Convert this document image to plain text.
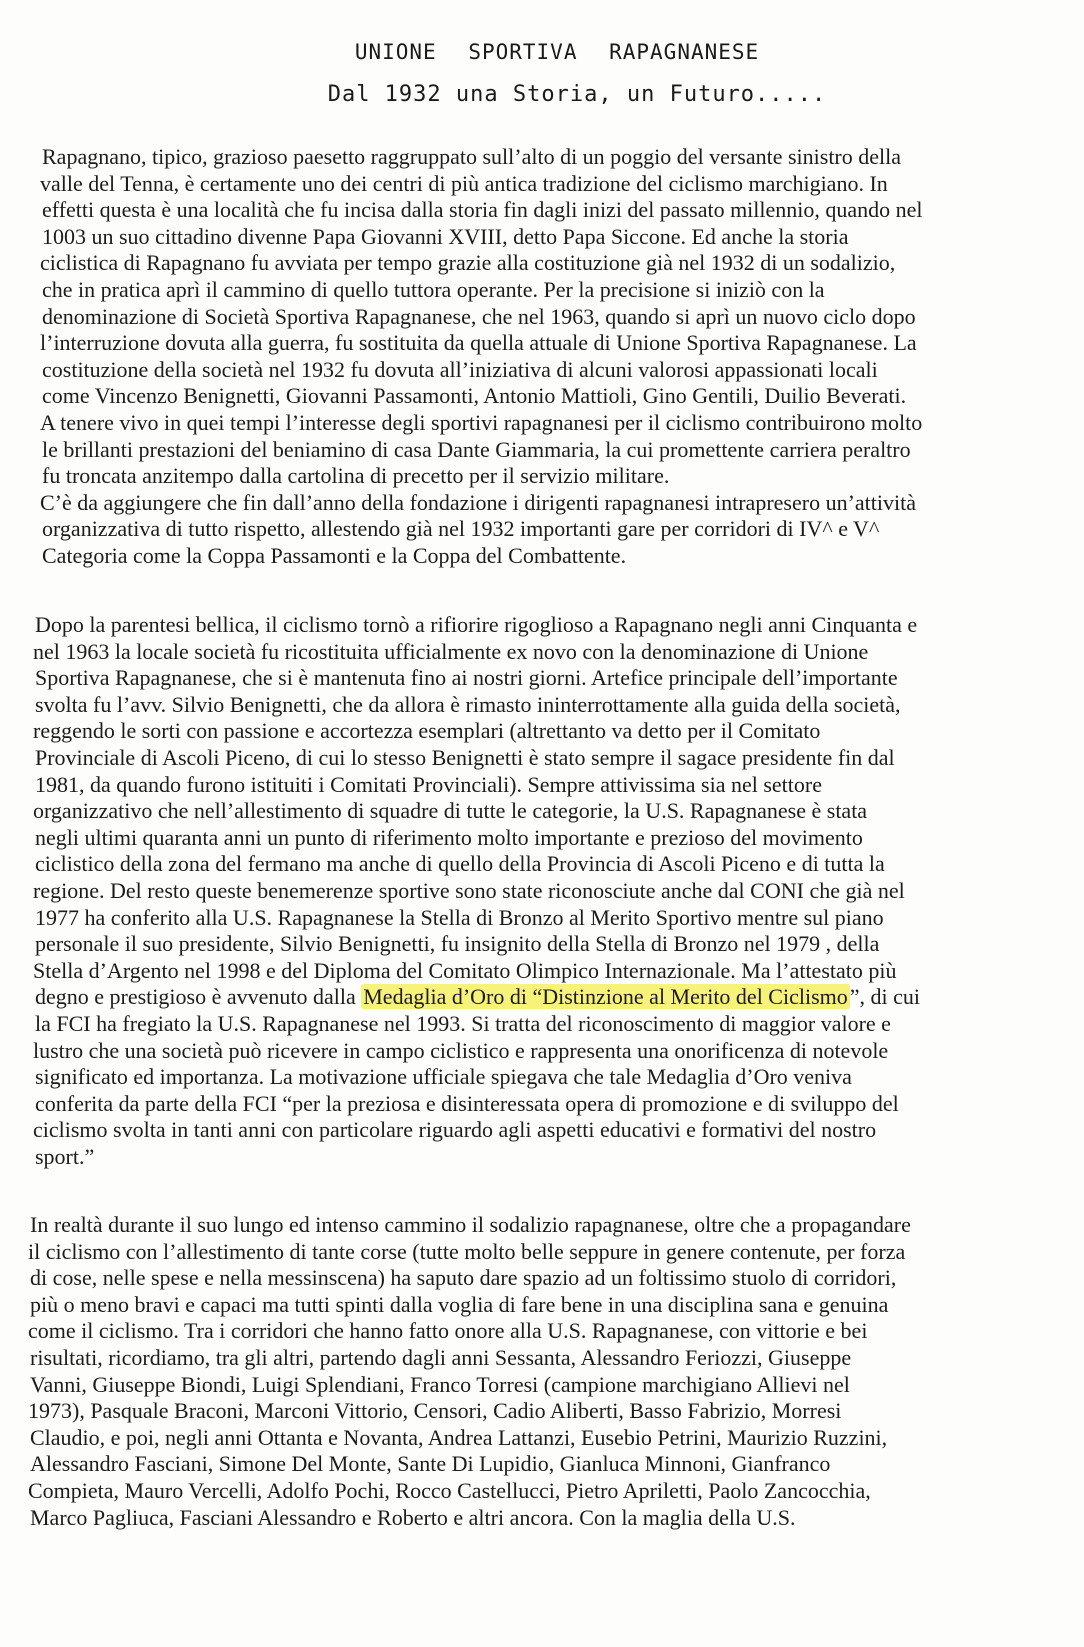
UNIONE SPORTIVA RAPAGNANESE
Dal 1932 una Storia, un Futuro.....
Rapagnano, tipico, grazioso paesetto raggruppato sull’alto di un poggio del versante sinistro della
valle del Tenna, è certamente uno dei centri di più antica tradizione del ciclismo marchigiano. In
effetti questa è una località che fu incisa dalla storia fin dagli inizi del passato millennio, quando nel
1003 un suo cittadino divenne Papa Giovanni XVIII, detto Papa Siccone. Ed anche la storia
ciclistica di Rapagnano fu avviata per tempo grazie alla costituzione già nel 1932 di un sodalizio,
che in pratica aprì il cammino di quello tuttora operante. Per la precisione si iniziò con la
denominazione di Società Sportiva Rapagnanese, che nel 1963, quando si aprì un nuovo ciclo dopo
l’interruzione dovuta alla guerra, fu sostituita da quella attuale di Unione Sportiva Rapagnanese. La
costituzione della società nel 1932 fu dovuta all’iniziativa di alcuni valorosi appassionati locali
come Vincenzo Benignetti, Giovanni Passamonti, Antonio Mattioli, Gino Gentili, Duilio Beverati.
A tenere vivo in quei tempi l’interesse degli sportivi rapagnanesi per il ciclismo contribuirono molto
le brillanti prestazioni del beniamino di casa Dante Giammaria, la cui promettente carriera peraltro
fu troncata anzitempo dalla cartolina di precetto per il servizio militare.
C’è da aggiungere che fin dall’anno della fondazione i dirigenti rapagnanesi intrapresero un’attività
organizzativa di tutto rispetto, allestendo già nel 1932 importanti gare per corridori di IV^ e V^
Categoria come la Coppa Passamonti e la Coppa del Combattente.
Dopo la parentesi bellica, il ciclismo tornò a rifiorire rigoglioso a Rapagnano negli anni Cinquanta e
nel 1963 la locale società fu ricostituita ufficialmente ex novo con la denominazione di Unione
Sportiva Rapagnanese, che si è mantenuta fino ai nostri giorni. Artefice principale dell’importante
svolta fu l’avv. Silvio Benignetti, che da allora è rimasto ininterrottamente alla guida della società,
reggendo le sorti con passione e accortezza esemplari (altrettanto va detto per il Comitato
Provinciale di Ascoli Piceno, di cui lo stesso Benignetti è stato sempre il sagace presidente fin dal
1981, da quando furono istituiti i Comitati Provinciali). Sempre attivissima sia nel settore
organizzativo che nell’allestimento di squadre di tutte le categorie, la U.S. Rapagnanese è stata
negli ultimi quaranta anni un punto di riferimento molto importante e prezioso del movimento
ciclistico della zona del fermano ma anche di quello della Provincia di Ascoli Piceno e di tutta la
regione. Del resto queste benemerenze sportive sono state riconosciute anche dal CONI che già nel
1977 ha conferito alla U.S. Rapagnanese la Stella di Bronzo al Merito Sportivo mentre sul piano
personale il suo presidente, Silvio Benignetti, fu insignito della Stella di Bronzo nel 1979 , della
Stella d’Argento nel 1998 e del Diploma del Comitato Olimpico Internazionale. Ma l’attestato più
degno e prestigioso è avvenuto dalla Medaglia d’Oro di “Distinzione al Merito del Ciclismo”, di cui
la FCI ha fregiato la U.S. Rapagnanese nel 1993. Si tratta del riconoscimento di maggior valore e
lustro che una società può ricevere in campo ciclistico e rappresenta una onorificenza di notevole
significato ed importanza. La motivazione ufficiale spiegava che tale Medaglia d’Oro veniva
conferita da parte della FCI “per la preziosa e disinteressata opera di promozione e di sviluppo del
ciclismo svolta in tanti anni con particolare riguardo agli aspetti educativi e formativi del nostro
sport.”
In realtà durante il suo lungo ed intenso cammino il sodalizio rapagnanese, oltre che a propagandare
il ciclismo con l’allestimento di tante corse (tutte molto belle seppure in genere contenute, per forza
di cose, nelle spese e nella messinscena) ha saputo dare spazio ad un foltissimo stuolo di corridori,
più o meno bravi e capaci ma tutti spinti dalla voglia di fare bene in una disciplina sana e genuina
come il ciclismo. Tra i corridori che hanno fatto onore alla U.S. Rapagnanese, con vittorie e bei
risultati, ricordiamo, tra gli altri, partendo dagli anni Sessanta, Alessandro Feriozzi, Giuseppe
Vanni, Giuseppe Biondi, Luigi Splendiani, Franco Torresi (campione marchigiano Allievi nel
1973), Pasquale Braconi, Marconi Vittorio, Censori, Cadio Aliberti, Basso Fabrizio, Morresi
Claudio, e poi, negli anni Ottanta e Novanta, Andrea Lattanzi, Eusebio Petrini, Maurizio Ruzzini,
Alessandro Fasciani, Simone Del Monte, Sante Di Lupidio, Gianluca Minnoni, Gianfranco
Compieta, Mauro Vercelli, Adolfo Pochi, Rocco Castellucci, Pietro Apriletti, Paolo Zancocchia,
Marco Pagliuca, Fasciani Alessandro e Roberto e altri ancora. Con la maglia della U.S.
